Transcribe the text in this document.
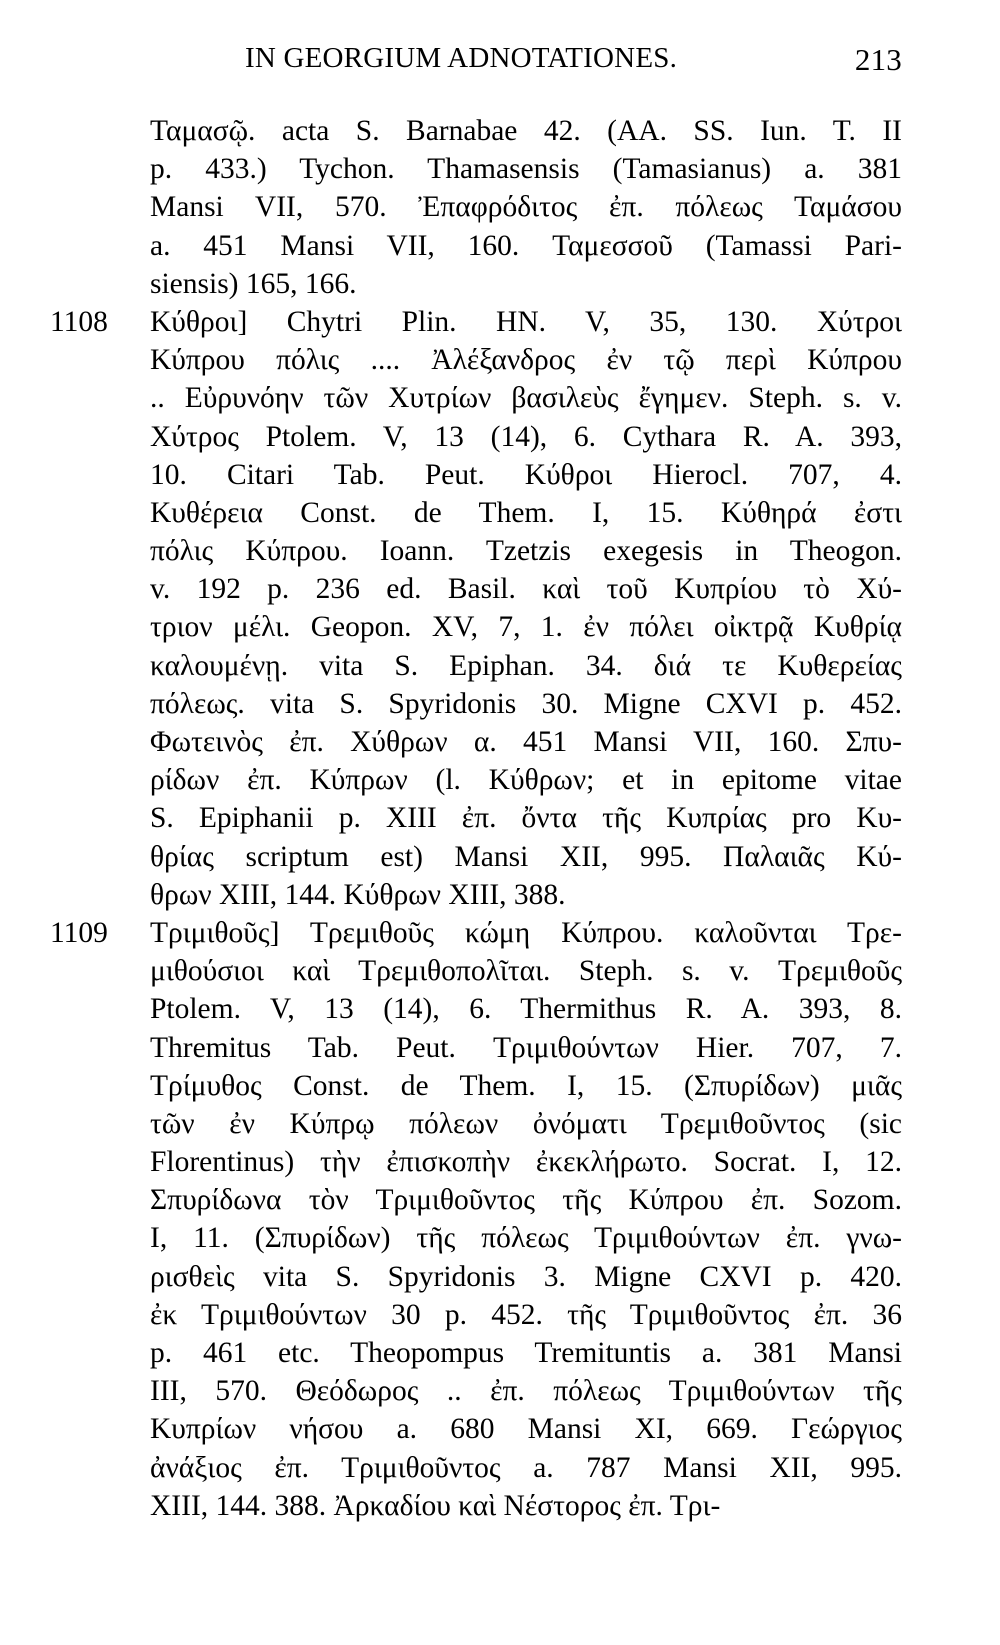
IN GEORGIUM ADNOTATIONES.	213
Ταμασῷ. acta S. Barnabae 42. (AA. SS. Iun. T. II
p. 433.) Tychon. Thamasensis (Tamasianus) a. 381
Mansi VII, 570. Ἐπαφρόδιτος ἐπ. πόλεως Ταμάσου
a. 451 Mansi VII, 160. Ταμεσσοῦ (Tamassi Pari-
siensis) 165, 166.
Κύθροι] Chytri Plin. HN. V, 35, 130. Χύτροι
1108
Κύπρου πόλις .... Ἀλέξανδρος ἐν τῷ περὶ Κύπρου
.. Εὐρυνόην τῶν Χυτρίων βασιλεὺς ἔγημεν. Steph. s. v.
Χύτρος Ptolem. V, 13 (14), 6. Cythara R. A. 393,
10. Citari Tab. Peut. Κύθροι Hierocl. 707, 4.
Κυθέρεια Const. de Them. I, 15. Κύθηρά ἐστι
πόλις Κύπρου. Ioann. Tzetzis exegesis in Theogon.
v. 192 p. 236 ed. Basil. καὶ τοῦ Κυπρίου τὸ Χύ-
τριον μέλι. Geopon. XV, 7, 1. ἐν πόλει οἰκτρᾷ Κυθρίᾳ
καλουμένῃ. vita S. Epiphan. 34. διά τε Κυθερείας
πόλεως. vita S. Spyridonis 30. Migne CXVI p. 452.
Φωτεινὸς ἐπ. Χύθρων α. 451 Mansi VII, 160. Σπυ-
ρίδων ἐπ. Κύπρων (l. Κύθρων; et in epitome vitae
S. Epiphanii p. XIII ἐπ. ὄντα τῆς Κυπρίας pro Κυ-
θρίας scriptum est) Mansi XII, 995. Παλαιᾶς Κύ-
θρων XIII, 144. Κύθρων XIII, 388.
Τριμιθοῦς] Τρεμιθοῦς κώμη Κύπρου. καλοῦνται Τρε-
1109
μιθούσιοι καὶ Τρεμιθοπολῖται. Steph. s. v. Τρεμιθοῦς
Ptolem. V, 13 (14), 6. Thermithus R. A. 393, 8.
Thremitus Tab. Peut. Τριμιθούντων Hier. 707, 7.
Τρίμυθος Const. de Them. I, 15. (Σπυρίδων) μιᾶς
τῶν ἐν Κύπρῳ πόλεων ὀνόματι Τρεμιθοῦντος (sic
Florentinus) τὴν ἐπισκοπὴν ἐκεκλήρωτο. Socrat. I, 12.
Σπυρίδωνα τὸν Τριμιθοῦντος τῆς Κύπρου ἐπ. Sozom.
I, 11. (Σπυρίδων) τῆς πόλεως Τριμιθούντων ἐπ. γνω-
ρισθεὶς vita S. Spyridonis 3. Migne CXVI p. 420.
ἐκ Τριμιθούντων 30 p. 452. τῆς Τριμιθοῦντος ἐπ. 36
p. 461 etc. Theopompus Tremituntis a. 381 Mansi
III, 570. Θεόδωρος .. ἐπ. πόλεως Τριμιθούντων τῆς
Κυπρίων νήσου a. 680 Mansi XI, 669. Γεώργιος
ἀνάξιος ἐπ. Τριμιθοῦντος a. 787 Mansi XII, 995.
XIII, 144. 388. Ἀρκαδίου καὶ Νέστορος ἐπ. Τρι-
